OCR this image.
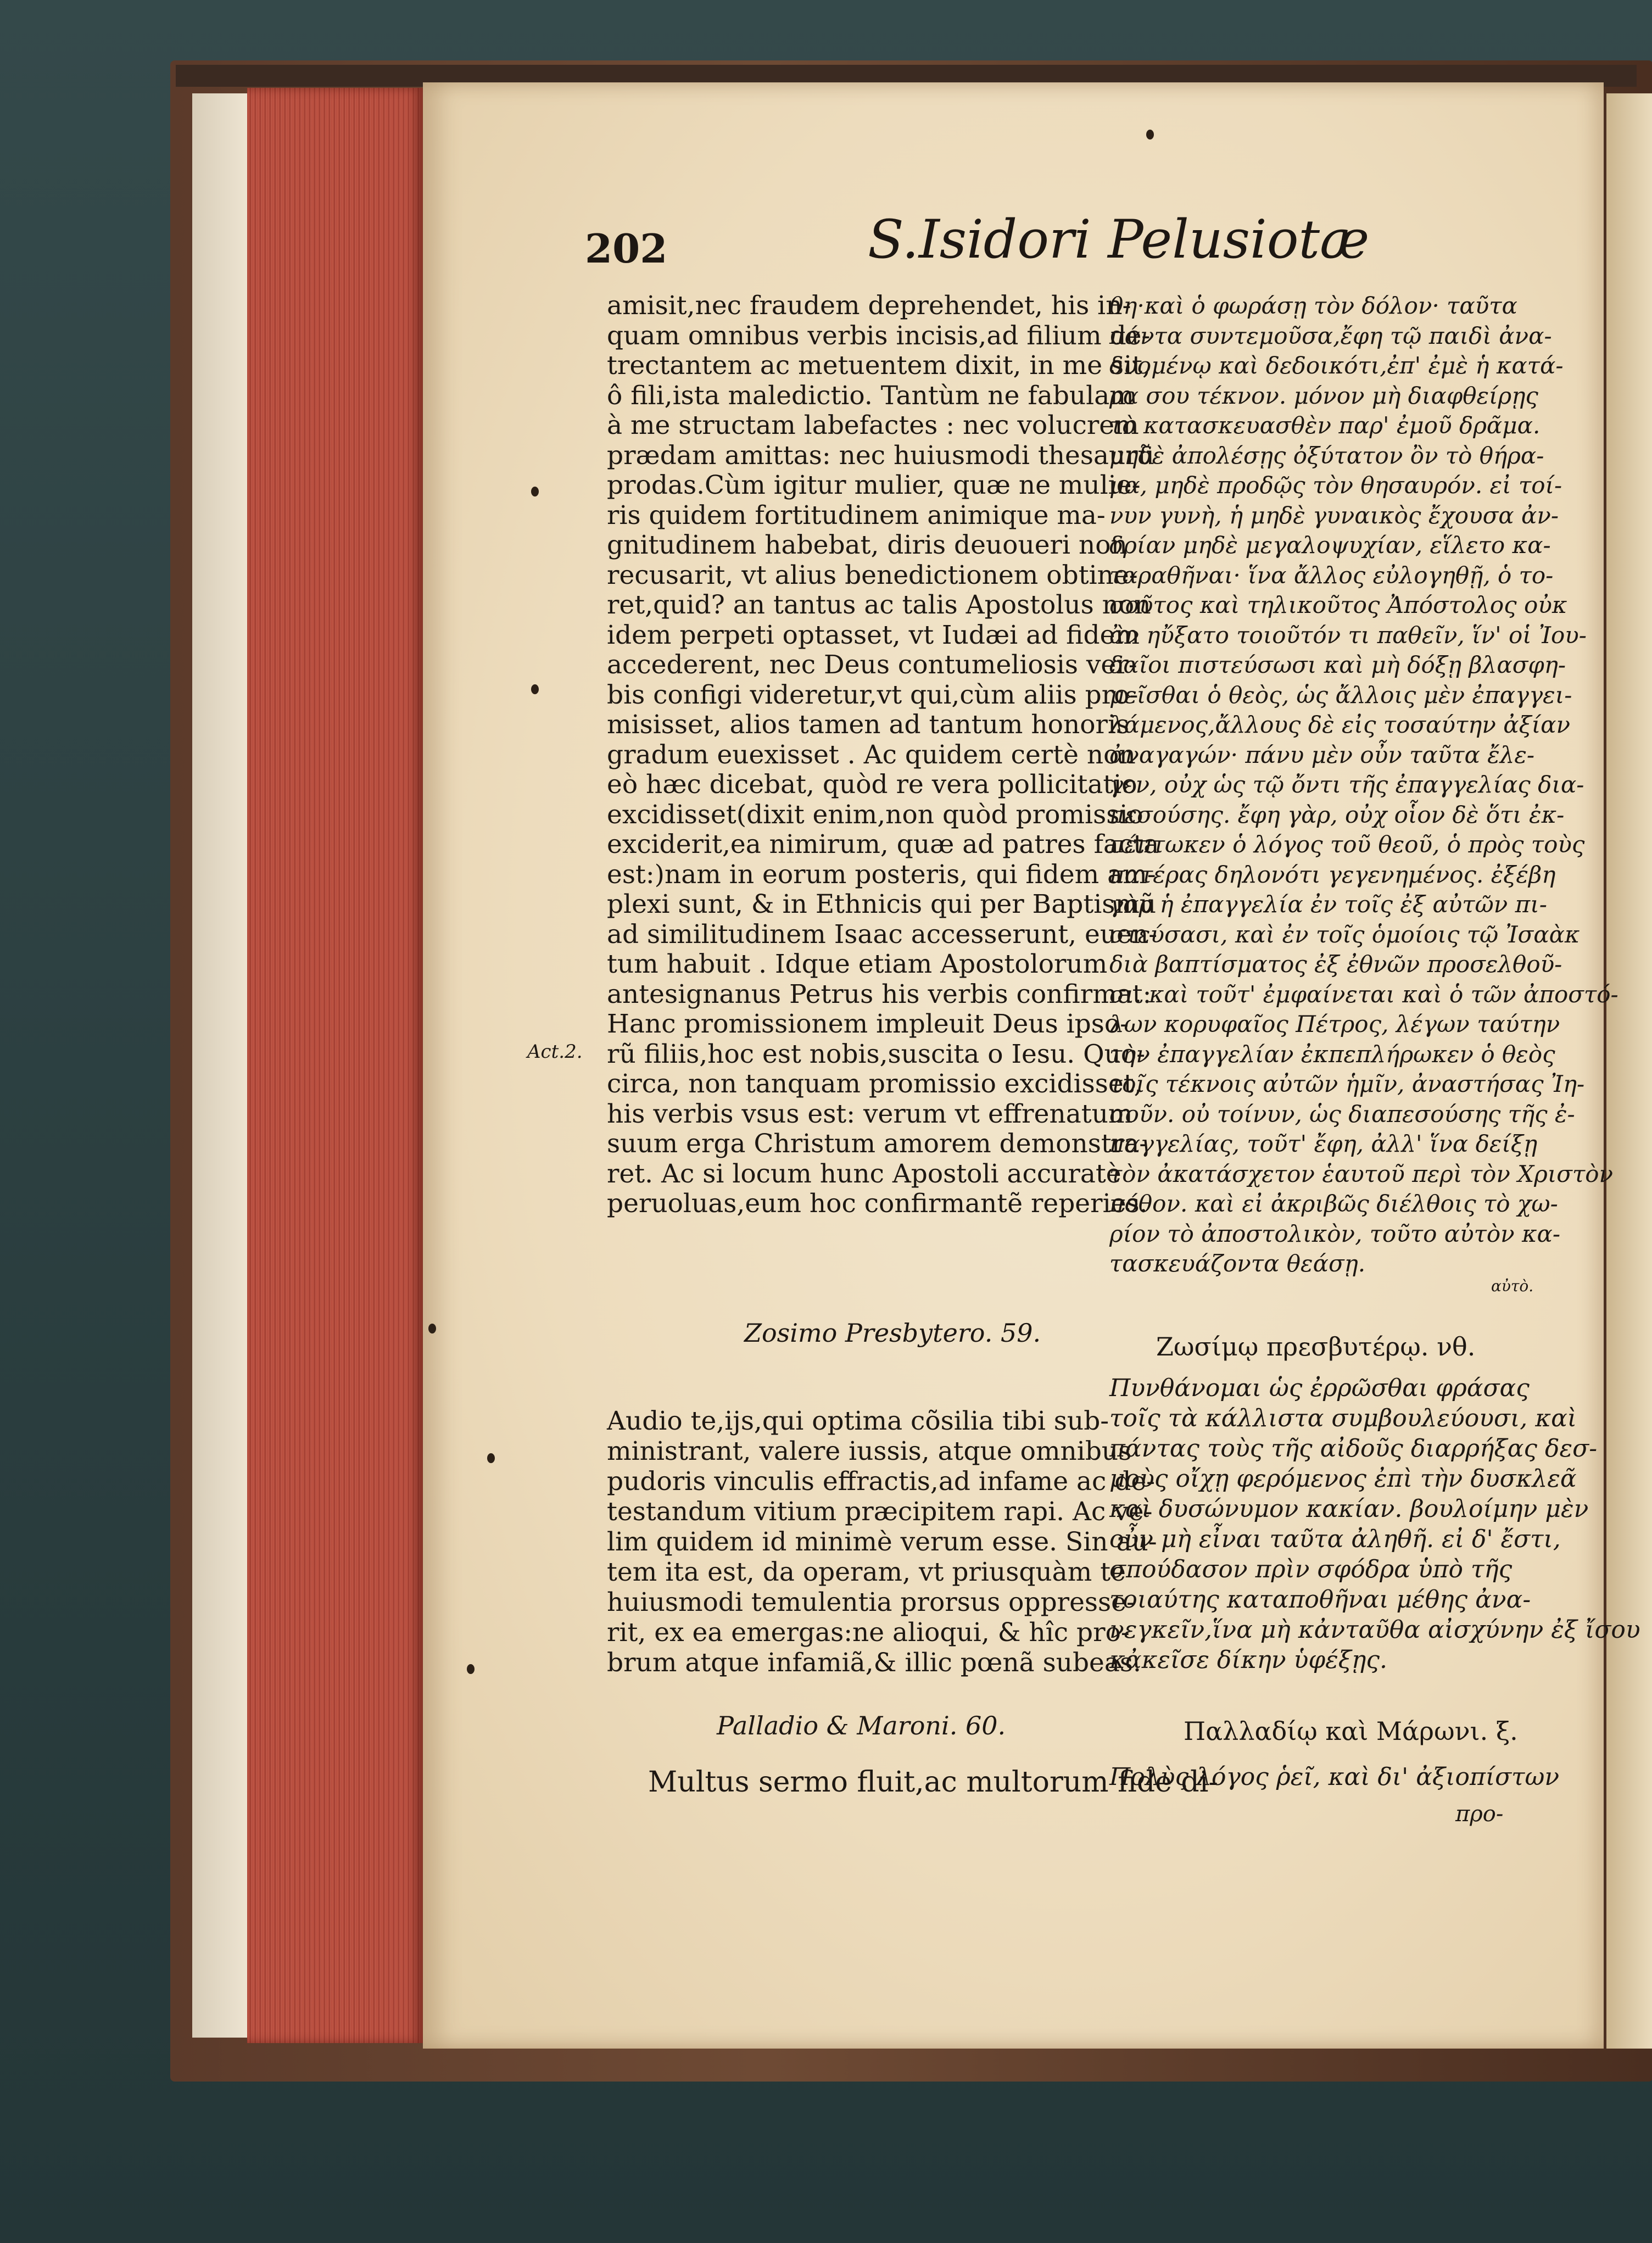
202	S.Isidori Pelusiotæ
amisit,nec fraudem deprehendet, his in-
quam omnibus verbis incisis,ad filium de-
trectantem ac metuentem dixit, in me sit,
ô fili,ista maledictio. Tantùm ne fabulam
à me structam labefactes : nec volucrem
prædam amittas: nec huiusmodi thesaurũ
prodas.Cùm igitur mulier, quæ ne mulie-
ris quidem fortitudinem animique ma-
gnitudinem habebat, diris deuoueri non
recusarit, vt alius benedictionem obtine-
ret,quid? an tantus ac talis Apostolus non
idem perpeti optasset, vt Iudæi ad fidem
accederent, nec Deus contumeliosis ver-
bis configi videretur,vt qui,cùm aliis pro-
misisset, alios tamen ad tantum honoris
gradum euexisset . Ac quidem certè non
eò hæc dicebat, quòd re vera pollicitatio
excidisset(dixit enim,non quòd promissio
exciderit,ea nimirum, quæ ad patres facta
est:)nam in eorum posteris, qui fidem am-
plexi sunt, & in Ethnicis qui per Baptismũ
ad similitudinem Isaac accesserunt, euen-
tum habuit . Idque etiam Apostolorum
antesignanus Petrus his verbis confirmat:
Hanc promissionem impleuit Deus ipso-
rũ filiis,hoc est nobis,suscita o Iesu. Quo-
circa, non tanquam promissio excidisset,
his verbis vsus est: verum vt effrenatum
suum erga Christum amorem demonstra-
ret. Ac si locum hunc Apostoli accuratè
peruoluas,eum hoc confirmantẽ reperies.
Act.2.
Zosimo Presbytero. 59.
Audio te,ijs,qui optima cõsilia tibi sub-
ministrant, valere iussis, atque omnibus
pudoris vinculis effractis,ad infame ac de-
testandum vitium præcipitem rapi. Ac ve-
lim quidem id minimè verum esse. Sin au-
tem ita est, da operam, vt priusquàm te
huiusmodi temulentia prorsus oppresse-
rit, ex ea emergas:ne alioqui, & hîc pro-
brum atque infamiã,& illic pœnã subeas.
Palladio & Maroni. 60.
Multus sermo fluit,ac multorum fide di-
θη·καὶ ὁ φωράσῃ τὸν δόλον· ταῦτα
πάντα συντεμοῦσα,ἔφη τῷ παιδὶ ἀνα-
δυομένῳ καὶ δεδοικότι,ἐπ' ἐμὲ ἡ κατά-
ρα σου τέκνον. μόνον μὴ διαφθείρῃς
τὸ κατασκευασθὲν παρ' ἐμοῦ δρᾶμα.
μηδὲ ἀπολέσῃς ὀξύτατον ὂν τὸ θήρα-
μα, μηδὲ προδῷς τὸν θησαυρόν. εἰ τοί-
νυν γυνὴ, ἡ μηδὲ γυναικὸς ἔχουσα ἀν-
δρίαν μηδὲ μεγαλοψυχίαν, εἵλετο κα-
ταραθῆναι· ἵνα ἄλλος εὐλογηθῇ, ὁ το-
σοῦτος καὶ τηλικοῦτος Ἀπόστολος οὐκ
ἂν ηὔξατο τοιοῦτόν τι παθεῖν, ἵν' οἱ Ἰου-
δαῖοι πιστεύσωσι καὶ μὴ δόξῃ βλασφη-
μεῖσθαι ὁ θεὸς, ὡς ἄλλοις μὲν ἐπαγγει-
λάμενος,ἄλλους δὲ εἰς τοσαύτην ἀξίαν
ἀναγαγών· πάνυ μὲν οὖν ταῦτα ἔλε-
γεν, οὐχ ὡς τῷ ὄντι τῆς ἐπαγγελίας δια-
πεσούσης. ἔφη γὰρ, οὐχ οἷον δὲ ὅτι ἐκ-
πέπτωκεν ὁ λόγος τοῦ θεοῦ, ὁ πρὸς τοὺς
πατέρας δηλονότι γεγενημένος. ἐξέβη
γὰρ ἡ ἐπαγγελία ἐν τοῖς ἐξ αὐτῶν πι-
στεύσασι, καὶ ἐν τοῖς ὁμοίοις τῷ Ἰσαὰκ
διὰ βαπτίσματος ἐξ ἐθνῶν προσελθοῦ-
σι. καὶ τοῦτ' ἐμφαίνεται καὶ ὁ τῶν ἀποστό-
λων κορυφαῖος Πέτρος, λέγων ταύτην
τὴν ἐπαγγελίαν ἐκπεπλήρωκεν ὁ θεὸς
τοῖς τέκνοις αὐτῶν ἡμῖν, ἀναστήσας Ἰη-
σοῦν. οὐ τοίνυν, ὡς διαπεσούσης τῆς ἐ-
παγγελίας, τοῦτ' ἔφη, ἀλλ' ἵνα δείξῃ
τὸν ἀκατάσχετον ἑαυτοῦ περὶ τὸν Χριστὸν
πόθον. καὶ εἰ ἀκριβῶς διέλθοις τὸ χω-
ρίον τὸ ἀποστολικὸν, τοῦτο αὐτὸν κα-
τασκευάζοντα θεάσῃ.
αὐτὸ.
Ζωσίμῳ πρεσβυτέρῳ. νθ.
Πυνθάνομαι ὡς ἐρρῶσθαι φράσας
τοῖς τὰ κάλλιστα συμβουλεύουσι, καὶ
πάντας τοὺς τῆς αἰδοῦς διαρρήξας δεσ-
μοὺς οἴχῃ φερόμενος ἐπὶ τὴν δυσκλεᾶ
καὶ δυσώνυμον κακίαν. βουλοίμην μὲν
οὖν μὴ εἶναι ταῦτα ἀληθῆ. εἰ δ' ἔστι,
σπούδασον πρὶν σφόδρα ὑπὸ τῆς
τοιαύτης καταποθῆναι μέθης ἀνα-
νεγκεῖν,ἵνα μὴ κἀνταῦθα αἰσχύνην ἐξ ἴσου
κἀκεῖσε δίκην ὑφέξῃς.
Παλλαδίῳ καὶ Μάρωνι. ξ.
Πολὺς λόγος ῥεῖ, καὶ δι' ἀξιοπίστων
προ-
